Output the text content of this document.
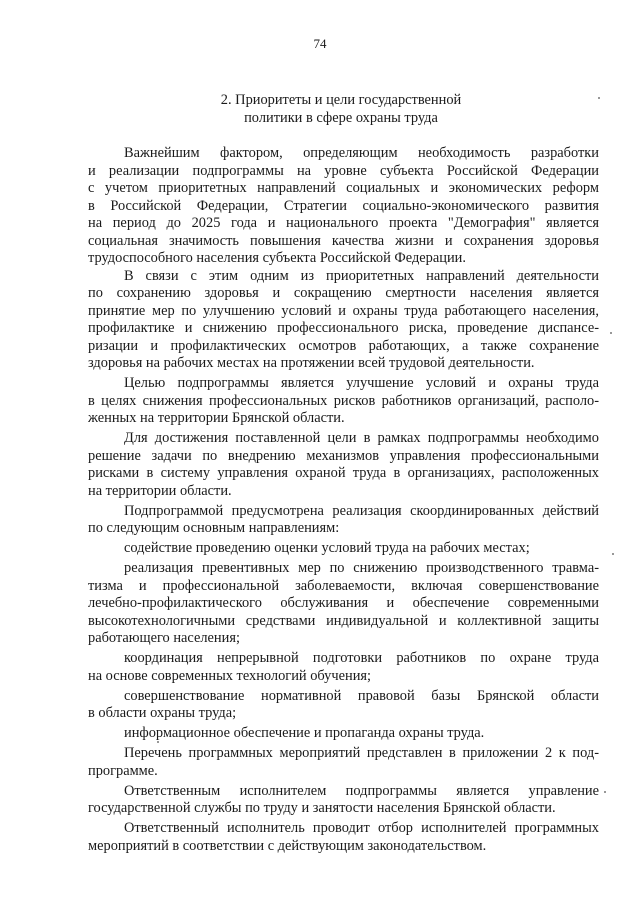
74
2. Приоритеты и цели государственной
политики в сфере охраны труда
Важнейшим фактором, определяющим необходимость разработки
и реализации подпрограммы на уровне субъекта Российской Федерации
с учетом приоритетных направлений социальных и экономических реформ
в Российской Федерации, Стратегии социально-экономического развития
на период до 2025 года и национального проекта "Демография" является
социальная значимость повышения качества жизни и сохранения здоровья
трудоспособного населения субъекта Российской Федерации.
В связи с этим одним из приоритетных направлений деятельности
по сохранению здоровья и сокращению смертности населения является
принятие мер по улучшению условий и охраны труда работающего населения,
профилактике и снижению профессионального риска, проведение диспансе-
ризации и профилактических осмотров работающих, а также сохранение
здоровья на рабочих местах на протяжении всей трудовой деятельности.
Целью подпрограммы является улучшение условий и охраны труда
в целях снижения профессиональных рисков работников организаций, располо-
женных на территории Брянской области.
Для достижения поставленной цели в рамках подпрограммы необходимо
решение задачи по внедрению механизмов управления профессиональными
рисками в систему управления охраной труда в организациях, расположенных
на территории области.
Подпрограммой предусмотрена реализация скоординированных действий
по следующим основным направлениям:
содействие проведению оценки условий труда на рабочих местах;
реализация превентивных мер по снижению производственного травма-
тизма и профессиональной заболеваемости, включая совершенствование
лечебно-профилактического обслуживания и обеспечение современными
высокотехнологичными средствами индивидуальной и коллективной защиты
работающего населения;
координация непрерывной подготовки работников по охране труда
на основе современных технологий обучения;
совершенствование нормативной правовой базы Брянской области
в области охраны труда;
информационное обеспечение и пропаганда охраны труда.
Перечень программных мероприятий представлен в приложении 2 к под-
программе.
Ответственным исполнителем подпрограммы является управление
государственной службы по труду и занятости населения Брянской области.
Ответственный исполнитель проводит отбор исполнителей программных
мероприятий в соответствии с действующим законодательством.
